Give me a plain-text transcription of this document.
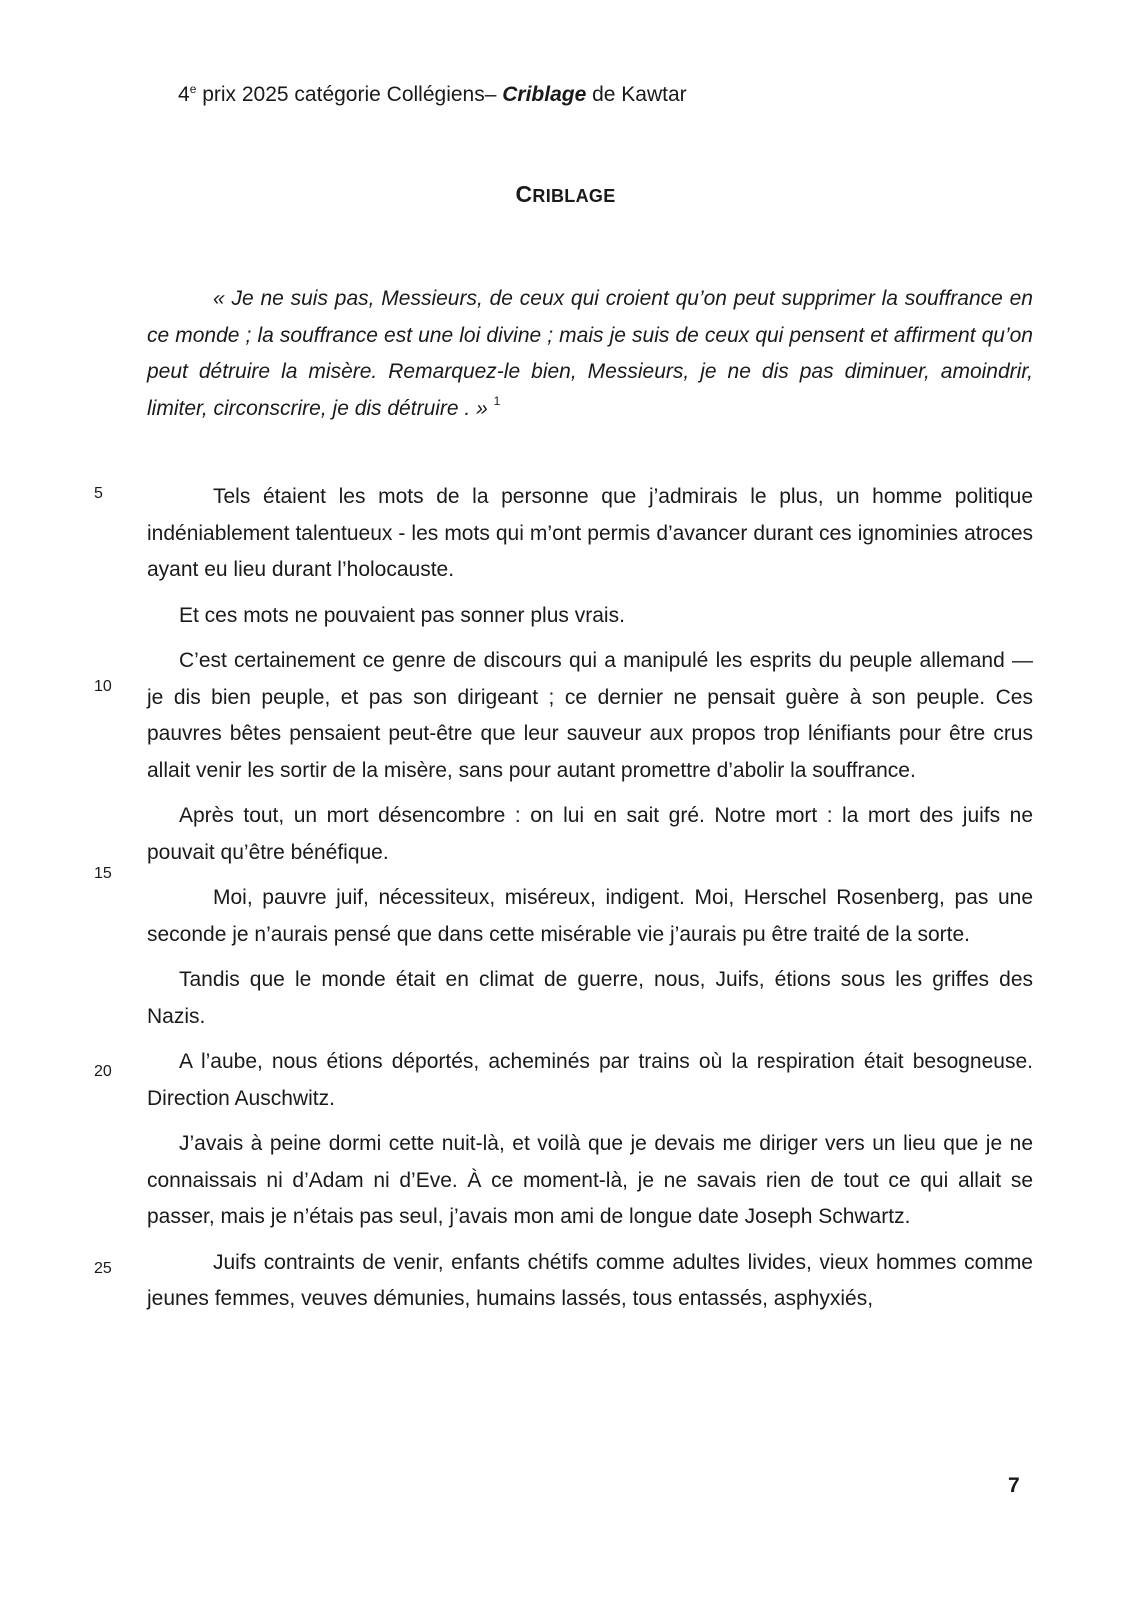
4e prix 2025 catégorie Collégiens– Criblage de Kawtar
CRIBLAGE

« Je ne suis pas, Messieurs, de ceux qui croient qu’on peut supprimer la souffrance en ce monde ; la souffrance est une loi divine ; mais je suis de ceux qui pensent et affirment qu’on peut détruire la misère. Remarquez-le bien, Messieurs, je ne dis pas diminuer, amoindrir, limiter, circonscrire, je dis détruire . » $^1$

5
10
15
20
25

Tels étaient les mots de la personne que j’admirais le plus, un homme politique indéniablement talentueux - les mots qui m’ont permis d’avancer durant ces ignominies atroces ayant eu lieu durant l’holocauste.

Et ces mots ne pouvaient pas sonner plus vrais.

C’est certainement ce genre de discours qui a manipulé les esprits du peuple allemand — je dis bien peuple, et pas son dirigeant ; ce dernier ne pensait guère à son peuple. Ces pauvres bêtes pensaient peut-être que leur sauveur aux propos trop lénifiants pour être crus allait venir les sortir de la misère, sans pour autant promettre d’abolir la souffrance.

Après tout, un mort désencombre : on lui en sait gré. Notre mort : la mort des juifs ne pouvait qu’être bénéfique.

Moi, pauvre juif, nécessiteux, miséreux, indigent. Moi, Herschel Rosenberg, pas une seconde je n’aurais pensé que dans cette misérable vie j’aurais pu être traité de la sorte.

Tandis que le monde était en climat de guerre, nous, Juifs, étions sous les griffes des Nazis.

A l’aube, nous étions déportés, acheminés par trains où la respiration était besogneuse. Direction Auschwitz.

J’avais à peine dormi cette nuit-là, et voilà que je devais me diriger vers un lieu que je ne connaissais ni d’Adam ni d’Eve. À ce moment-là, je ne savais rien de tout ce qui allait se passer, mais je n’étais pas seul, j’avais mon ami de longue date Joseph Schwartz.

Juifs contraints de venir, enfants chétifs comme adultes livides, vieux hommes comme jeunes femmes, veuves démunies, humains lassés, tous entassés, asphyxiés,

7
